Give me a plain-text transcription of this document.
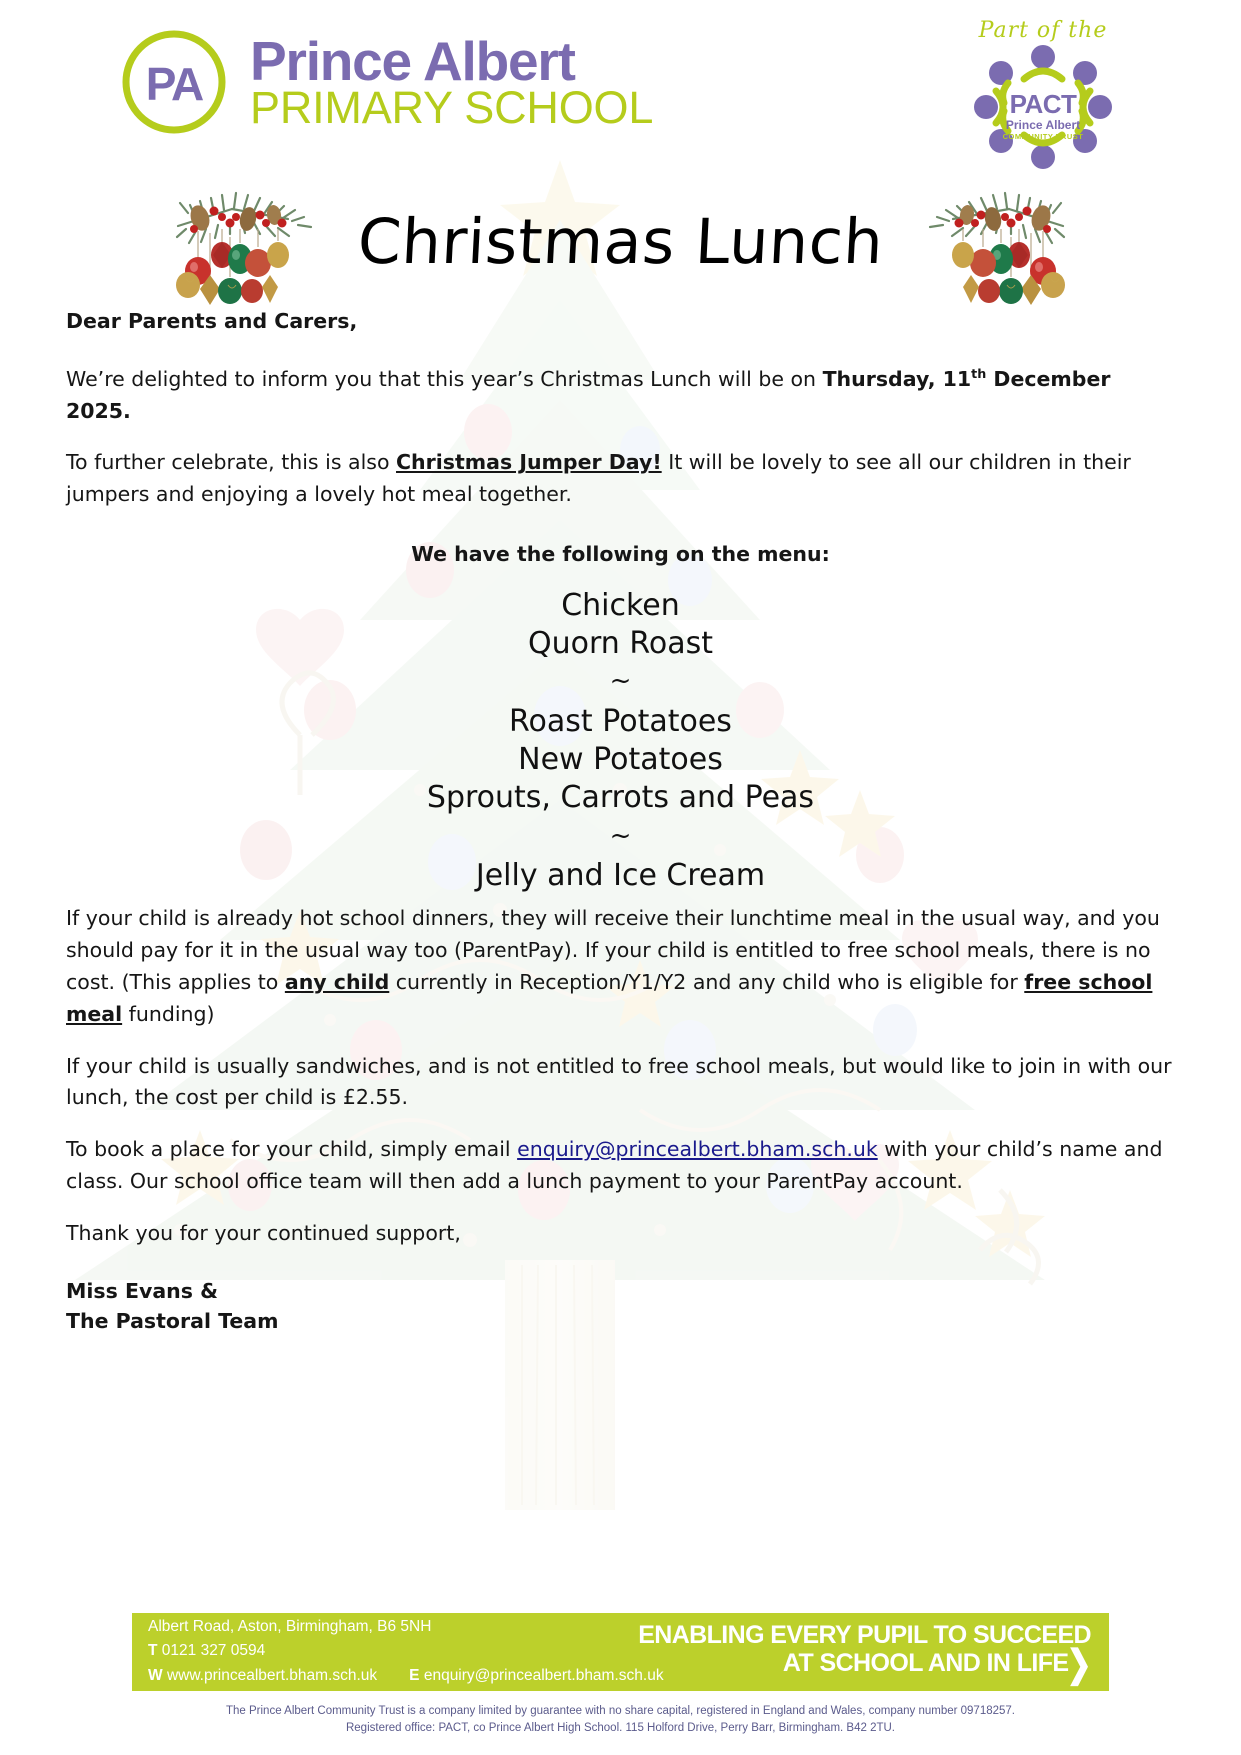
PA Prince Albert
PRIMARY SCHOOL
Part of the
PACT
Prince Albert
COMMUNITY TRUST
Christmas Lunch

Dear Parents and Carers,

We’re delighted to inform you that this year’s Christmas Lunch will be on Thursday, 11th December 2025.

To further celebrate, this is also Christmas Jumper Day! It will be lovely to see all our children in their jumpers and enjoying a lovely hot meal together.

We have the following on the menu:

Chicken
Quorn Roast
~
Roast Potatoes
New Potatoes
Sprouts, Carrots and Peas
~
Jelly and Ice Cream

If your child is already hot school dinners, they will receive their lunchtime meal in the usual way, and you should pay for it in the usual way too (ParentPay). If your child is entitled to free school meals, there is no cost. (This applies to any child currently in Reception/Y1/Y2 and any child who is eligible for free school meal funding)

If your child is usually sandwiches, and is not entitled to free school meals, but would like to join in with our lunch, the cost per child is £2.55.

To book a place for your child, simply email enquiry@princealbert.bham.sch.uk with your child’s name and class. Our school office team will then add a lunch payment to your ParentPay account.

Thank you for your continued support,

Miss Evans &
The Pastoral Team
Albert Road, Aston, Birmingham, B6 5NH
T 0121 327 0594
W www.princealbert.bham.sch.uk E enquiry@princealbert.bham.sch.uk
ENABLING EVERY PUPIL TO SUCCEED
AT SCHOOL AND IN LIFE❯
The Prince Albert Community Trust is a company limited by guarantee with no share capital, registered in England and Wales, company number 09718257.
Registered office: PACT, co Prince Albert High School. 115 Holford Drive, Perry Barr, Birmingham. B42 2TU.
